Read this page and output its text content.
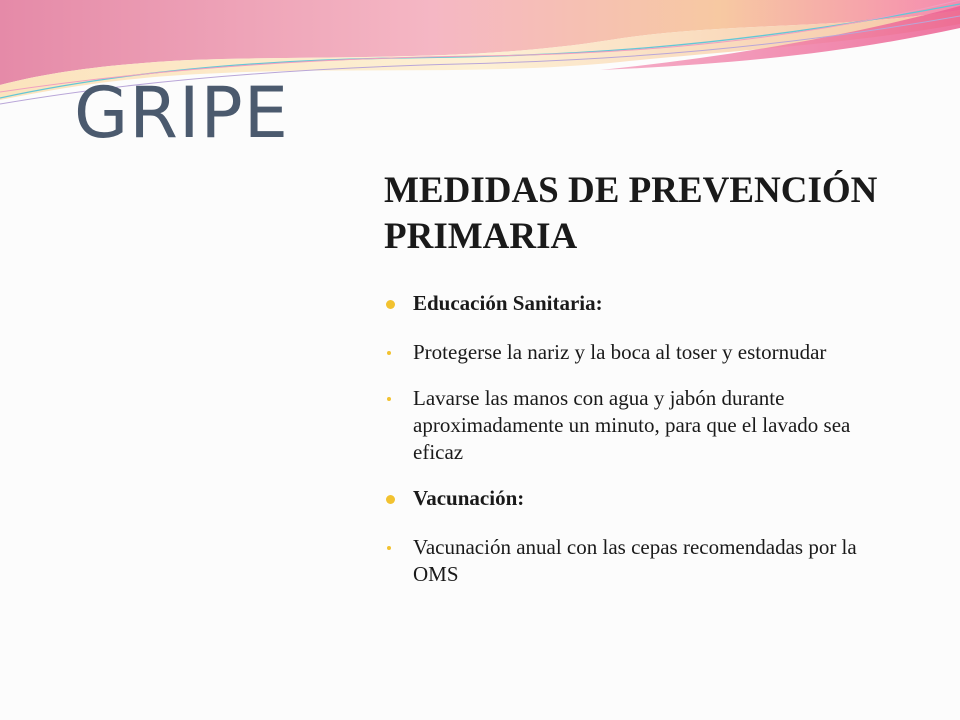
GRIPE
MEDIDAS DE PREVENCIÓN PRIMARIA
Educación Sanitaria:
Protegerse la nariz y la boca al toser y estornudar
Lavarse las manos con agua y jabón durante aproximadamente un minuto, para que el lavado sea eficaz
Vacunación:
Vacunación anual con las cepas recomendadas por la OMS
